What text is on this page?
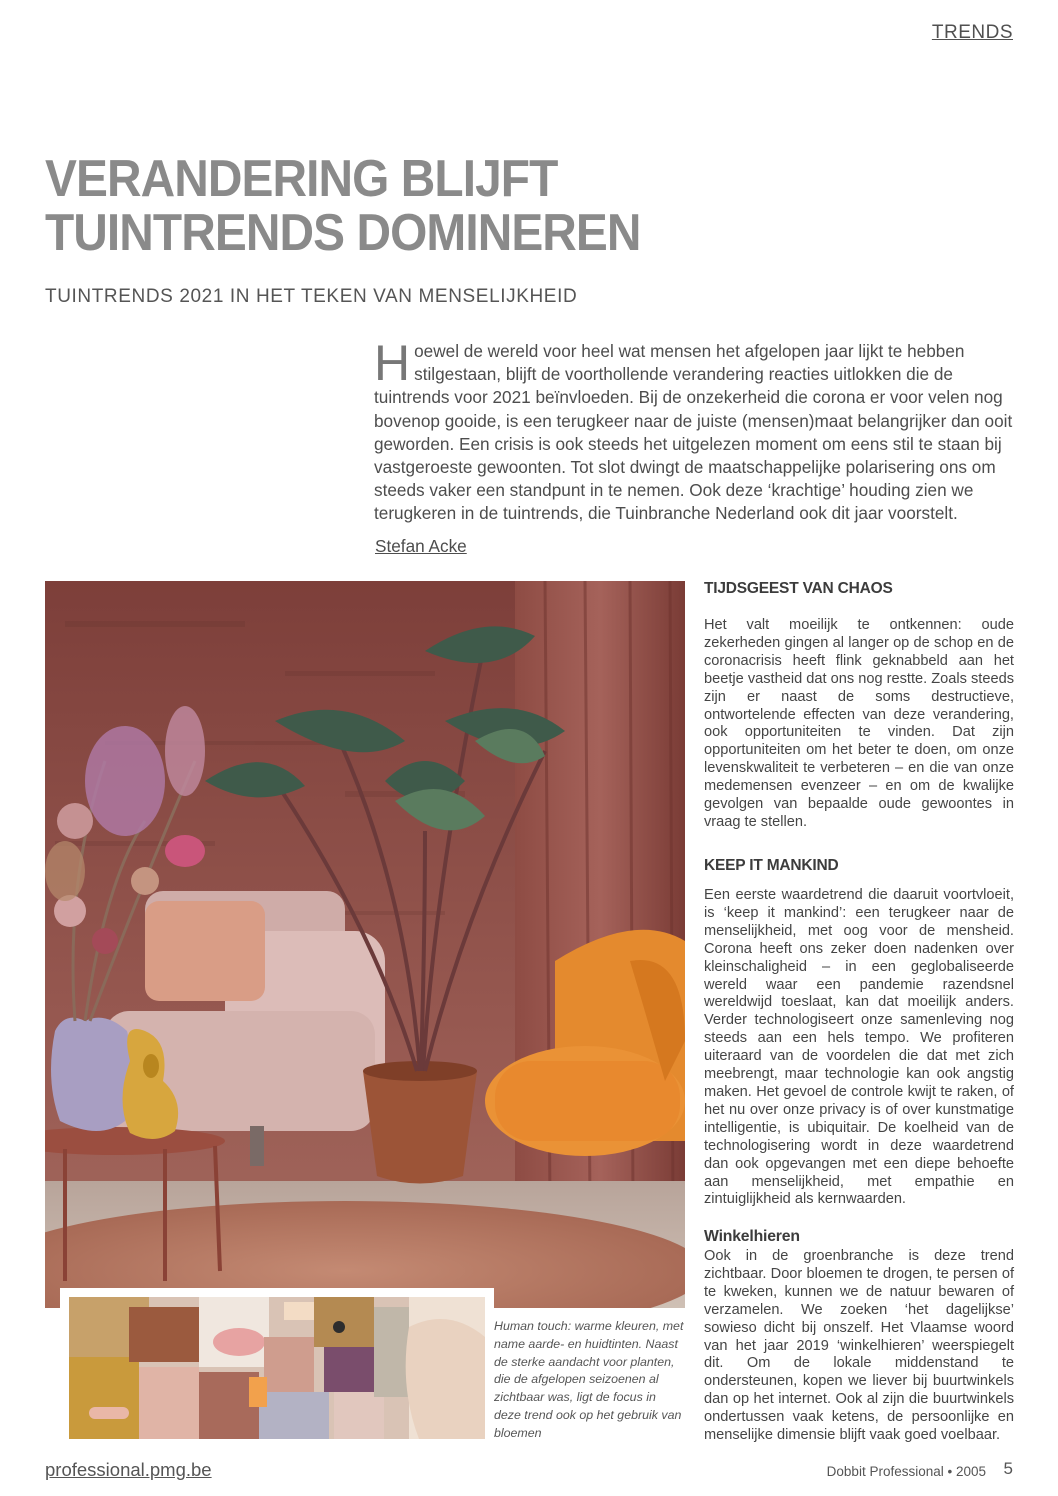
TRENDS
VERANDERING BLIJFT
TUINTRENDS DOMINEREN
TUINTRENDS 2021 IN HET TEKEN VAN MENSELIJKHEID

Hoewel de wereld voor heel wat mensen het afgelopen jaar lijkt te hebben stilgestaan, blijft de voorthollende verandering reacties uitlokken die de tuintrends voor 2021 beïnvloeden. Bij de onzekerheid die corona er voor velen nog bovenop gooide, is een terugkeer naar de juiste (mensen)maat belangrijker dan ooit geworden. Een crisis is ook steeds het uitgelezen moment om eens stil te staan bij vastgeroeste gewoonten. Tot slot dwingt de maatschappelijke polarisering ons om steeds vaker een standpunt in te nemen. Ook deze ‘krachtige’ houding zien we terugkeren in de tuintrends, die Tuinbranche Nederland ook dit jaar voorstelt.

Stefan Acke

Human touch: warme kleuren, met name aarde- en huidtinten. Naast de sterke aandacht voor planten, die de afgelopen seizoenen al zichtbaar was, ligt de focus in deze trend ook op het gebruik van bloemen

TIJDSGEEST VAN CHAOS

Het valt moeilijk te ontkennen: oude zekerheden gingen al langer op de schop en de coronacrisis heeft flink geknabbeld aan het beetje vastheid dat ons nog restte. Zoals steeds zijn er naast de soms destructieve, ontwortelende effecten van deze verandering, ook opportuniteiten te vinden. Dat zijn opportuniteiten om het beter te doen, om onze levenskwaliteit te verbeteren – en die van onze medemensen evenzeer – en om de kwalijke gevolgen van bepaalde oude gewoontes in vraag te stellen.

KEEP IT MANKIND

Een eerste waardetrend die daaruit voortvloeit, is ‘keep it mankind’: een terugkeer naar de menselijkheid, met oog voor de mensheid. Corona heeft ons zeker doen nadenken over kleinschaligheid – in een geglobaliseerde wereld waar een pandemie razendsnel wereldwijd toeslaat, kan dat moeilijk anders. Verder technologiseert onze samenleving nog steeds aan een hels tempo. We profiteren uiteraard van de voordelen die dat met zich meebrengt, maar technologie kan ook angstig maken. Het gevoel de controle kwijt te raken, of het nu over onze privacy is of over kunstmatige intelligentie, is ubiquitair. De koelheid van de technologisering wordt in deze waardetrend dan ook opgevangen met een diepe behoefte aan menselijkheid, met empathie en zintuiglijkheid als kernwaarden.

Winkelhieren

Ook in de groenbranche is deze trend zichtbaar. Door bloemen te drogen, te persen of te kweken, kunnen we de natuur bewaren of verzamelen. We zoeken ‘het dagelijkse’ sowieso dicht bij onszelf. Het Vlaamse woord van het jaar 2019 ‘winkelhieren’ weerspiegelt dit. Om de lokale middenstand te ondersteunen, kopen we liever bij buurtwinkels dan op het internet. Ook al zijn die buurtwinkels ondertussen vaak ketens, de persoonlijke en menselijke dimensie blijft vaak goed voelbaar.

professional.pmg.be	Dobbit Professional • 2005 5
